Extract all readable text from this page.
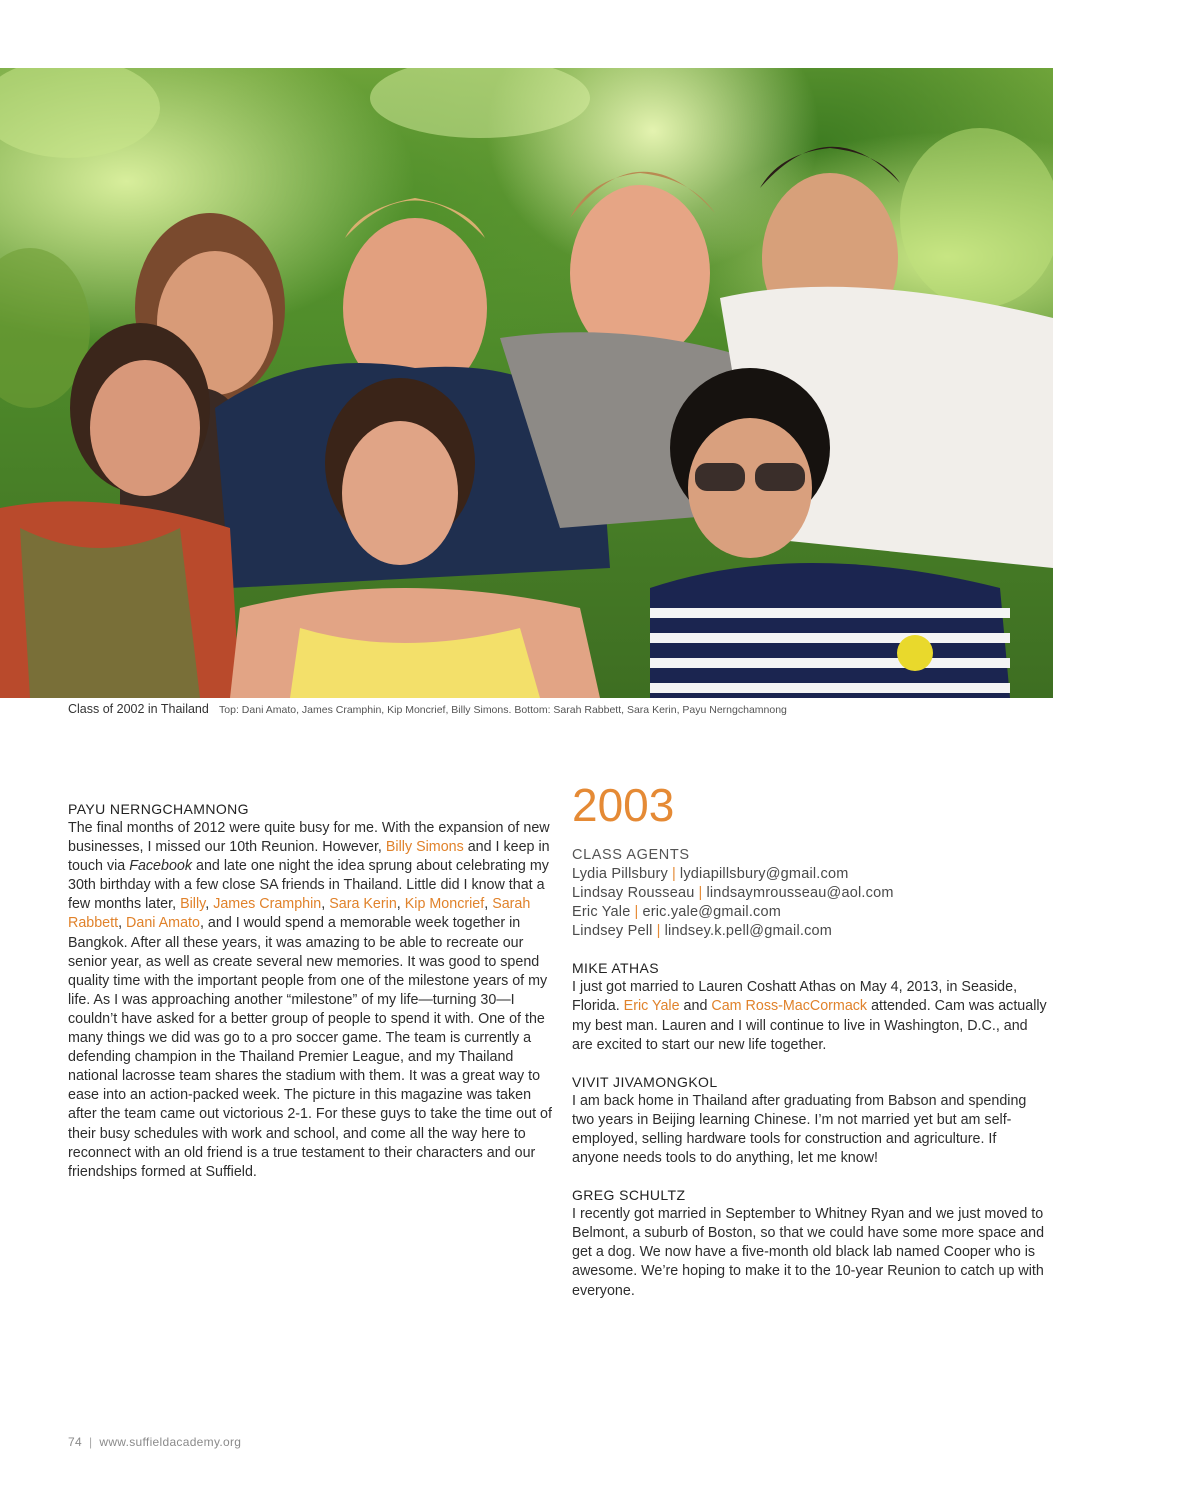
Class of 2002 in Thailand Top: Dani Amato, James Cramphin, Kip Moncrief, Billy Simons. Bottom: Sarah Rabbett, Sara Kerin, Payu Nerngchamnong
PAYU NERNGCHAMNONG
The final months of 2012 were quite busy for me. With the expansion of new businesses, I missed our 10th Reunion. However, Billy Simons and I keep in touch via Facebook and late one night the idea sprung about celebrating my 30th birthday with a few close SA friends in Thailand. Little did I know that a few months later, Billy, James Cramphin, Sara Kerin, Kip Moncrief, Sarah Rabbett, Dani Amato, and I would spend a memorable week together in Bangkok. After all these years, it was amazing to be able to recreate our senior year, as well as create several new memories. It was good to spend quality time with the important people from one of the milestone years of my life. As I was approaching another “milestone” of my life—turning 30—I couldn’t have asked for a better group of people to spend it with. One of the many things we did was go to a pro soccer game. The team is currently a defending champion in the Thailand Premier League, and my Thailand national lacrosse team shares the stadium with them. It was a great way to ease into an action-packed week. The picture in this magazine was taken after the team came out victorious 2-1. For these guys to take the time out of their busy schedules with work and school, and come all the way here to reconnect with an old friend is a true testament to their characters and our friendships formed at Suffield.
2003
CLASS AGENTS
Lydia Pillsbury | lydiapillsbury@gmail.com
Lindsay Rousseau | lindsaymrousseau@aol.com
Eric Yale | eric.yale@gmail.com
Lindsey Pell | lindsey.k.pell@gmail.com
MIKE ATHAS
I just got married to Lauren Coshatt Athas on May 4, 2013, in Seaside, Florida. Eric Yale and Cam Ross-MacCormack attended. Cam was actually my best man. Lauren and I will continue to live in Washington, D.C., and are excited to start our new life together.
VIVIT JIVAMONGKOL
I am back home in Thailand after graduating from Babson and spending two years in Beijing learning Chinese. I’m not married yet but am self-employed, selling hardware tools for construction and agriculture. If anyone needs tools to do anything, let me know!
GREG SCHULTZ
I recently got married in September to Whitney Ryan and we just moved to Belmont, a suburb of Boston, so that we could have some more space and get a dog. We now have a five-month old black lab named Cooper who is awesome. We’re hoping to make it to the 10-year Reunion to catch up with everyone.
74 | www.suffieldacademy.org
